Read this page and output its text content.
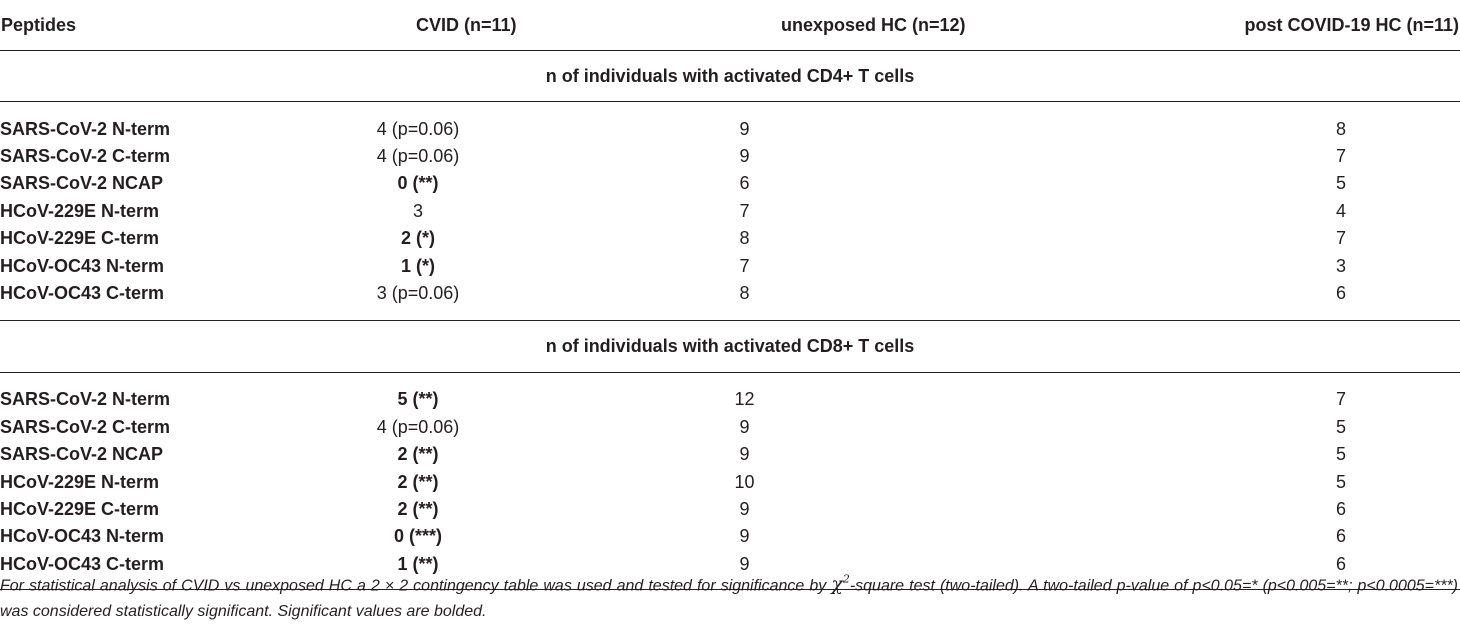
Peptides	CVID (n=11)	unexposed HC (n=12)	post COVID-19 HC (n=11)
n of individuals with activated CD4+ T cells			

SARS-CoV-2 N-term	4 (p=0.06)	9	8
SARS-CoV-2 C-term	4 (p=0.06)	9	7
SARS-CoV-2 NCAP	0 (**)	6	5
HCoV-229E N-term	3	7	4
HCoV-229E C-term	2 (*)	8	7
HCoV-OC43 N-term	1 (*)	7	3
HCoV-OC43 C-term	3 (p=0.06)	8	6

n of individuals with activated CD8+ T cells			

SARS-CoV-2 N-term	5 (**)	12	7
SARS-CoV-2 C-term	4 (p=0.06)	9	5
SARS-CoV-2 NCAP	2 (**)	9	5
HCoV-229E N-term	2 (**)	10	5
HCoV-229E C-term	2 (**)	9	6
HCoV-OC43 N-term	0 (***)	9	6
HCoV-OC43 C-term	1 (**)	9	6

For statistical analysis of CVID vs unexposed HC a 2 × 2 contingency table was used and tested for significance by $\chi^2$-square test (two-tailed). A two-tailed p-value of p<0.05=* (p<0.005=**; p<0.0005=***) was considered statistically significant. Significant values are bolded.
